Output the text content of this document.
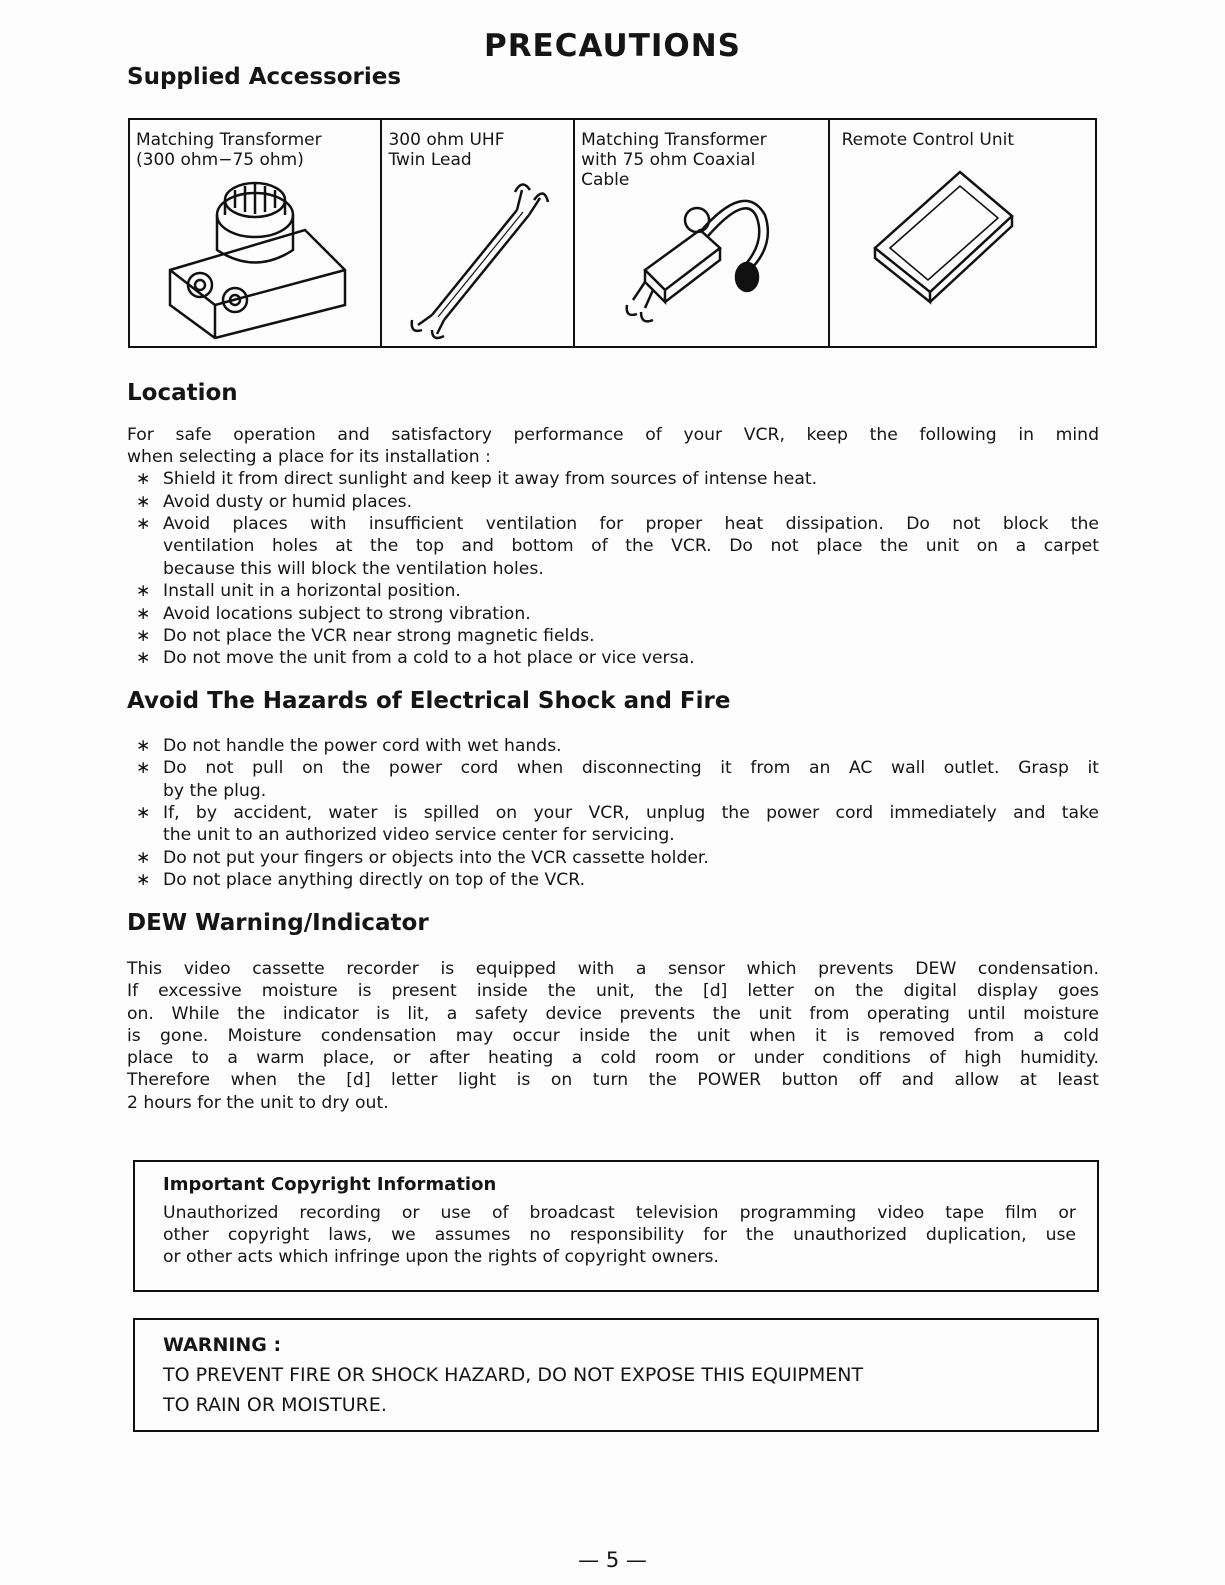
PRECAUTIONS
Supplied Accessories
Matching Transformer
(300 ohm−75 ohm)
300 ohm UHF
Twin Lead
Matching Transformer
with 75 ohm Coaxial
Cable
Remote Control Unit
Location
For safe operation and satisfactory performance of your VCR, keep the following in mind
when selecting a place for its installation :
∗ Shield it from direct sunlight and keep it away from sources of intense heat.
∗ Avoid dusty or humid places.
∗ Avoid places with insufficient ventilation for proper heat dissipation. Do not block the
ventilation holes at the top and bottom of the VCR. Do not place the unit on a carpet
because this will block the ventilation holes.
∗ Install unit in a horizontal position.
∗ Avoid locations subject to strong vibration.
∗ Do not place the VCR near strong magnetic fields.
∗ Do not move the unit from a cold to a hot place or vice versa.
Avoid The Hazards of Electrical Shock and Fire
∗ Do not handle the power cord with wet hands.
∗ Do not pull on the power cord when disconnecting it from an AC wall outlet. Grasp it
by the plug.
∗ If, by accident, water is spilled on your VCR, unplug the power cord immediately and take
the unit to an authorized video service center for servicing.
∗ Do not put your fingers or objects into the VCR cassette holder.
∗ Do not place anything directly on top of the VCR.
DEW Warning/Indicator
This video cassette recorder is equipped with a sensor which prevents DEW condensation.
If excessive moisture is present inside the unit, the [d] letter on the digital display goes
on. While the indicator is lit, a safety device prevents the unit from operating until moisture
is gone. Moisture condensation may occur inside the unit when it is removed from a cold
place to a warm place, or after heating a cold room or under conditions of high humidity.
Therefore when the [d] letter light is on turn the POWER button off and allow at least
2 hours for the unit to dry out.
Important Copyright Information
Unauthorized recording or use of broadcast television programming video tape film or
other copyright laws, we assumes no responsibility for the unauthorized duplication, use
or other acts which infringe upon the rights of copyright owners.
WARNING :
TO PREVENT FIRE OR SHOCK HAZARD, DO NOT EXPOSE THIS EQUIPMENT
TO RAIN OR MOISTURE.
— 5 —
